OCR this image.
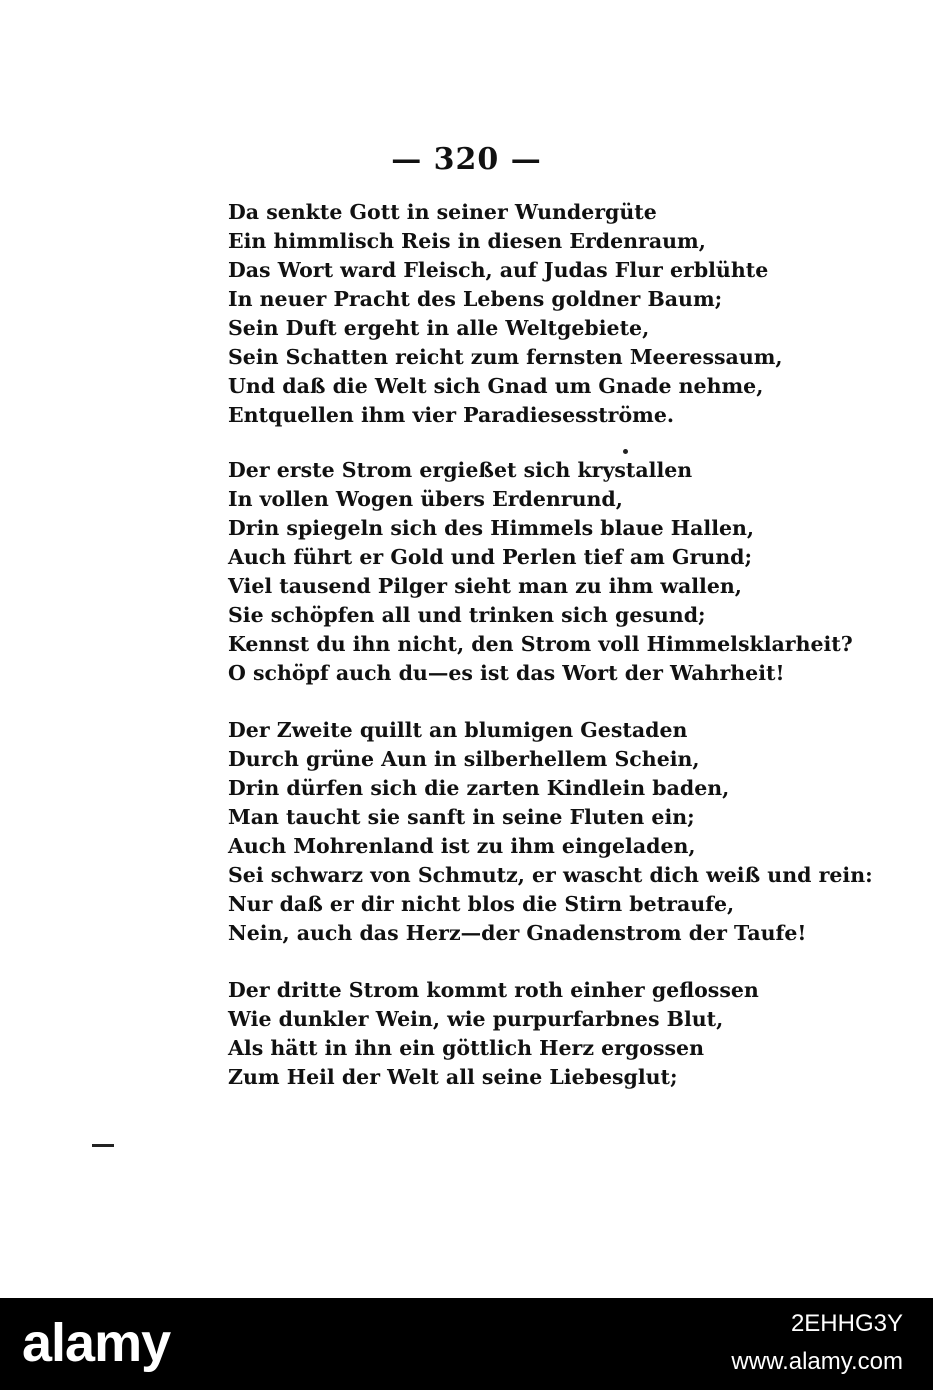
— 320 —
Da senkte Gott in seiner Wundergüte
Ein himmlisch Reis in diesen Erdenraum,
Das Wort ward Fleisch, auf Judas Flur erblühte
In neuer Pracht des Lebens goldner Baum;
Sein Duft ergeht in alle Weltgebiete,
Sein Schatten reicht zum fernsten Meeressaum,
Und daß die Welt sich Gnad um Gnade nehme,
Entquellen ihm vier Paradiesesströme.
Der erste Strom ergießet sich krystallen
In vollen Wogen übers Erdenrund,
Drin spiegeln sich des Himmels blaue Hallen,
Auch führt er Gold und Perlen tief am Grund;
Viel tausend Pilger sieht man zu ihm wallen,
Sie schöpfen all und trinken sich gesund;
Kennst du ihn nicht, den Strom voll Himmelsklarheit?
O schöpf auch du—es ist das Wort der Wahrheit!
Der Zweite quillt an blumigen Gestaden
Durch grüne Aun in silberhellem Schein,
Drin dürfen sich die zarten Kindlein baden,
Man taucht sie sanft in seine Fluten ein;
Auch Mohrenland ist zu ihm eingeladen,
Sei schwarz von Schmutz, er wascht dich weiß und rein:
Nur daß er dir nicht blos die Stirn betraufe,
Nein, auch das Herz—der Gnadenstrom der Taufe!
Der dritte Strom kommt roth einher geflossen
Wie dunkler Wein, wie purpurfarbnes Blut,
Als hätt in ihn ein göttlich Herz ergossen
Zum Heil der Welt all seine Liebesglut;
alamy	2EHHG3Y
www.alamy.com
